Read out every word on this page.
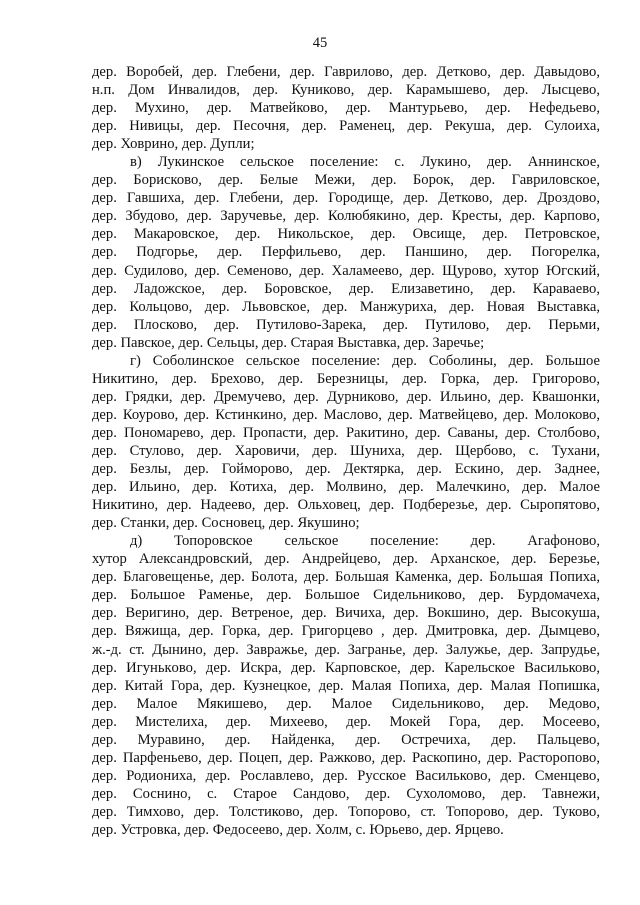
45
дер. Воробей, дер. Глебени, дер. Гаврилово, дер. Детково, дер. Давыдово,
н.п. Дом Инвалидов, дер. Куниково, дер. Карамышево, дер. Лысцево,
дер. Мухино, дер. Матвейково, дер. Мантурьево, дер. Нефедьево,
дер. Нивицы, дер. Песочня, дер. Раменец, дер. Рекуша, дер. Сулоиха,
дер. Ховрино, дер. Дупли;
в) Лукинское сельское поселение: с. Лукино, дер. Аннинское,
дер. Борисково, дер. Белые Межи, дер. Борок, дер. Гавриловское,
дер. Гавшиха, дер. Глебени, дер. Городище, дер. Детково, дер. Дроздово,
дер. Збудово, дер. Заручевье, дер. Колюбякино, дер. Кресты, дер. Карпово,
дер. Макаровское, дер. Никольское, дер. Овсище, дер. Петровское,
дер. Подгорье, дер. Перфильево, дер. Паншино, дер. Погорелка,
дер. Судилово, дер. Семеново, дер. Халамеево, дер. Щурово, хутор Югский,
дер. Ладожское, дер. Боровское, дер. Елизаветино, дер. Караваево,
дер. Кольцово, дер. Львовское, дер. Манжуриха, дер. Новая Выставка,
дер. Плосково, дер. Путилово-Зарека, дер. Путилово, дер. Перьми,
дер. Павское, дер. Сельцы, дер. Старая Выставка, дер. Заречье;
г) Соболинское сельское поселение: дер. Соболины, дер. Большое
Никитино, дер. Брехово, дер. Березницы, дер. Горка, дер. Григорово,
дер. Грядки, дер. Дремучево, дер. Дурниково, дер. Ильино, дер. Квашонки,
дер. Коурово, дер. Кстинкино, дер. Маслово, дер. Матвейцево, дер. Молоково,
дер. Пономарево, дер. Пропасти, дер. Ракитино, дер. Саваны, дер. Столбово,
дер. Стулово, дер. Харовичи, дер. Шуниха, дер. Щербово, с. Тухани,
дер. Безлы, дер. Гойморово, дер. Дектярка, дер. Ескино, дер. Заднее,
дер. Ильино, дер. Котиха, дер. Молвино, дер. Малечкино, дер. Малое
Никитино, дер. Надеево, дер. Ольховец, дер. Подберезье, дер. Сыропятово,
дер. Станки, дер. Сосновец, дер. Якушино;
д) Топоровское сельское поселение: дер. Агафоново,
хутор Александровский, дер. Андрейцево, дер. Арханское, дер. Березье,
дер. Благовещенье, дер. Болота, дер. Большая Каменка, дер. Большая Попиха,
дер. Большое Раменье, дер. Большое Сидельниково, дер. Бурдомачеха,
дер. Веригино, дер. Ветреное, дер. Вичиха, дер. Вокшино, дер. Высокуша,
дер. Вяжища, дер. Горка, дер. Григорцево , дер. Дмитровка, дер. Дымцево,
ж.-д. ст. Дынино, дер. Завражье, дер. Загранье, дер. Залужье, дер. Запрудье,
дер. Игунькoво, дер. Искра, дер. Карповское, дер. Карельское Васильково,
дер. Китай Гора, дер. Кузнецкое, дер. Малая Попиха, дер. Малая Попишка,
дер. Малое Мякишево, дер. Малое Сидельниково, дер. Медово,
дер. Мистелиха, дер. Михеево, дер. Мокей Гора, дер. Мосеево,
дер. Муравино, дер. Найденка, дер. Остречиха, дер. Пальцево,
дер. Парфеньево, дер. Поцеп, дер. Ражково, дер. Раскопино, дер. Расторопово,
дер. Родиониха, дер. Рославлево, дер. Русское Васильково, дер. Сменцево,
дер. Соснино, с. Старое Сандово, дер. Сухоломово, дер. Тавнежи,
дер. Тимхово, дер. Толстиково, дер. Топорово, ст. Топорово, дер. Туково,
дер. Устровка, дер. Федосеево, дер. Холм, с. Юрьево, дер. Ярцево.
